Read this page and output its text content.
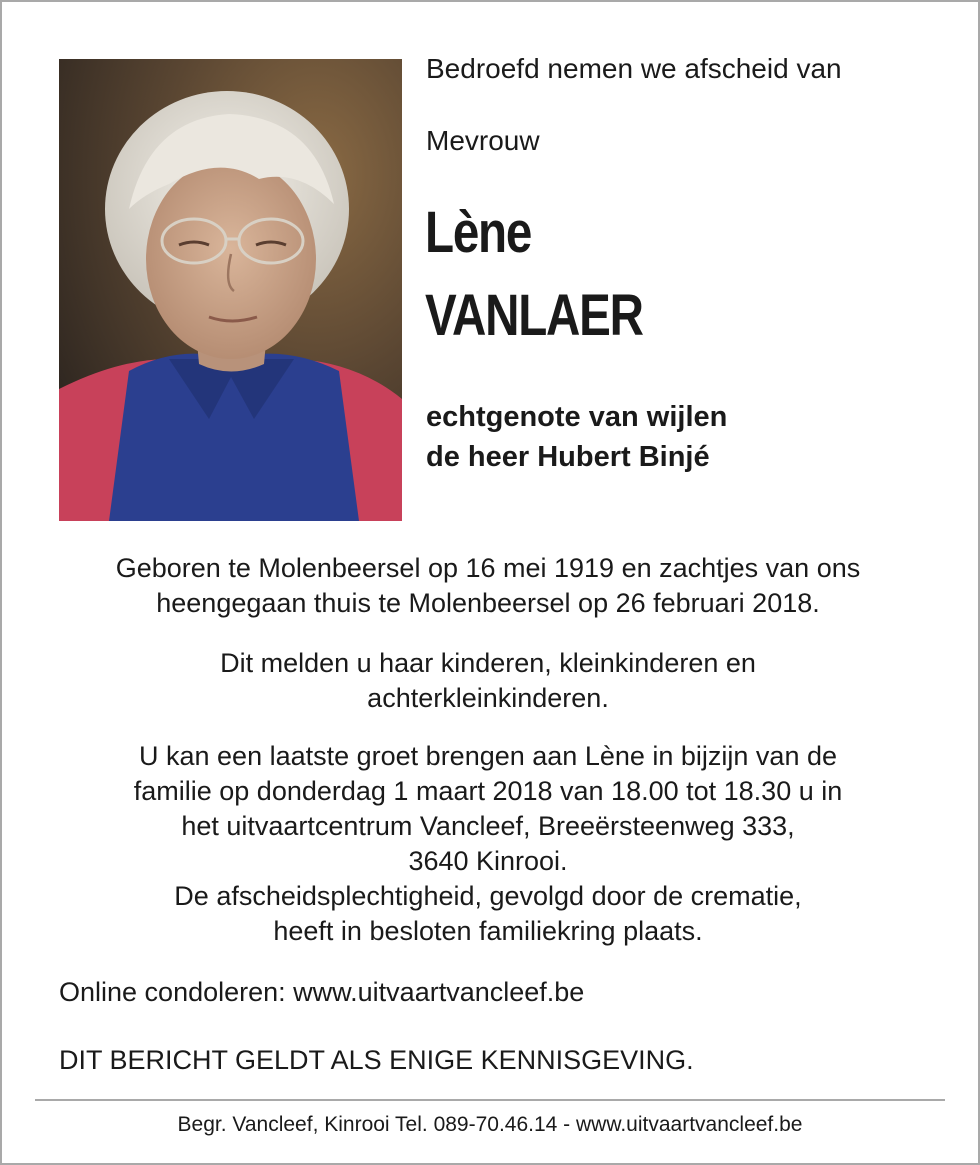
Bedroefd nemen we afscheid van
Mevrouw
Lène
VANLAER
echtgenote van wijlen
de heer Hubert Binjé
Geboren te Molenbeersel op 16 mei 1919 en zachtjes van ons
heengegaan thuis te Molenbeersel op 26 februari 2018.
Dit melden u haar kinderen, kleinkinderen en
achterkleinkinderen.
U kan een laatste groet brengen aan Lène in bijzijn van de
familie op donderdag 1 maart 2018 van 18.00 tot 18.30 u in
het uitvaartcentrum Vancleef, Breeërsteenweg 333,
3640 Kinrooi.
De afscheidsplechtigheid, gevolgd door de crematie,
heeft in besloten familiekring plaats.
Online condoleren: www.uitvaartvancleef.be
DIT BERICHT GELDT ALS ENIGE KENNISGEVING.
Begr. Vancleef, Kinrooi Tel. 089-70.46.14 - www.uitvaartvancleef.be
